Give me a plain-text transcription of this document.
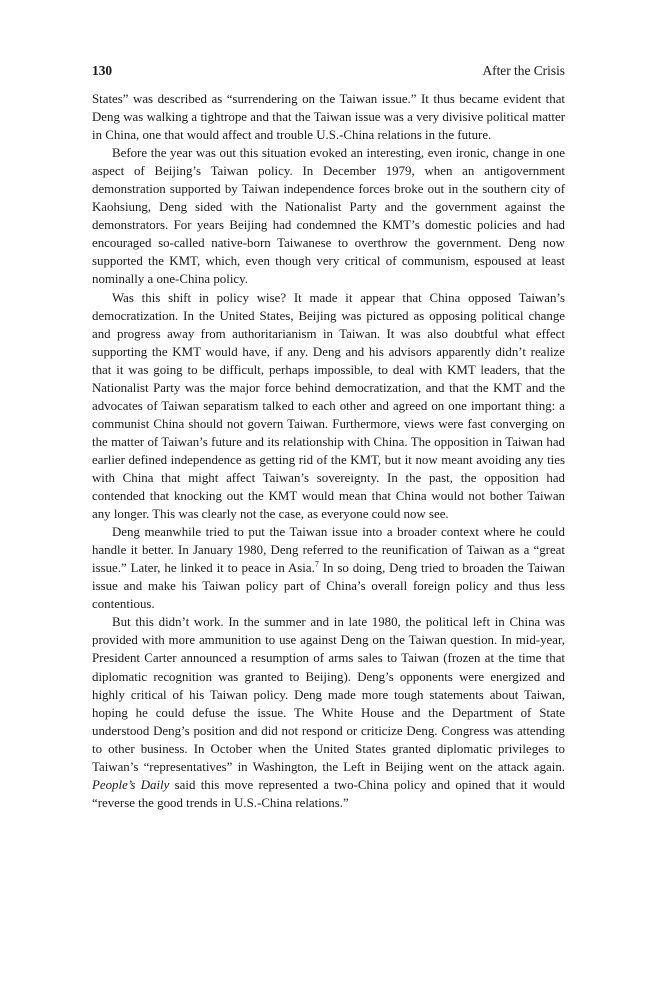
130	After the Crisis

States” was described as “surrendering on the Taiwan issue.” It thus became evident that Deng was walking a tightrope and that the Taiwan issue was a very divisive political matter in China, one that would affect and trouble U.S.-China relations in the future.

Before the year was out this situation evoked an interesting, even ironic, change in one aspect of Beijing’s Taiwan policy. In December 1979, when an antigovernment demonstration supported by Taiwan independence forces broke out in the southern city of Kaohsiung, Deng sided with the Nationalist Party and the government against the demonstrators. For years Beijing had condemned the KMT’s domestic policies and had encouraged so-called native-born Taiwanese to overthrow the government. Deng now supported the KMT, which, even though very critical of communism, espoused at least nominally a one-China policy.

Was this shift in policy wise? It made it appear that China opposed Taiwan’s democratization. In the United States, Beijing was pictured as opposing political change and progress away from authoritarianism in Taiwan. It was also doubtful what effect supporting the KMT would have, if any. Deng and his advisors apparently didn’t realize that it was going to be difficult, perhaps impossible, to deal with KMT leaders, that the Nationalist Party was the major force behind democratization, and that the KMT and the advocates of Taiwan separatism talked to each other and agreed on one important thing: a communist China should not govern Taiwan. Furthermore, views were fast converging on the matter of Taiwan’s future and its relationship with China. The opposition in Taiwan had earlier defined independence as getting rid of the KMT, but it now meant avoiding any ties with China that might affect Taiwan’s sovereignty. In the past, the opposition had contended that knocking out the KMT would mean that China would not bother Taiwan any longer. This was clearly not the case, as everyone could now see.

Deng meanwhile tried to put the Taiwan issue into a broader context where he could handle it better. In January 1980, Deng referred to the reunification of Taiwan as a “great issue.” Later, he linked it to peace in Asia.$^7$ In so doing, Deng tried to broaden the Taiwan issue and make his Taiwan policy part of China’s overall foreign policy and thus less contentious.

But this didn’t work. In the summer and in late 1980, the political left in China was provided with more ammunition to use against Deng on the Taiwan question. In mid-year, President Carter announced a resumption of arms sales to Taiwan (frozen at the time that diplomatic recognition was granted to Beijing). Deng’s opponents were energized and highly critical of his Taiwan policy. Deng made more tough statements about Taiwan, hoping he could defuse the issue. The White House and the Department of State understood Deng’s position and did not respond or criticize Deng. Congress was attending to other business. In October when the United States granted diplomatic privileges to Taiwan’s “representatives” in Washington, the Left in Beijing went on the attack again. People’s Daily said this move represented a two-China policy and opined that it would “reverse the good trends in U.S.-China relations.”
